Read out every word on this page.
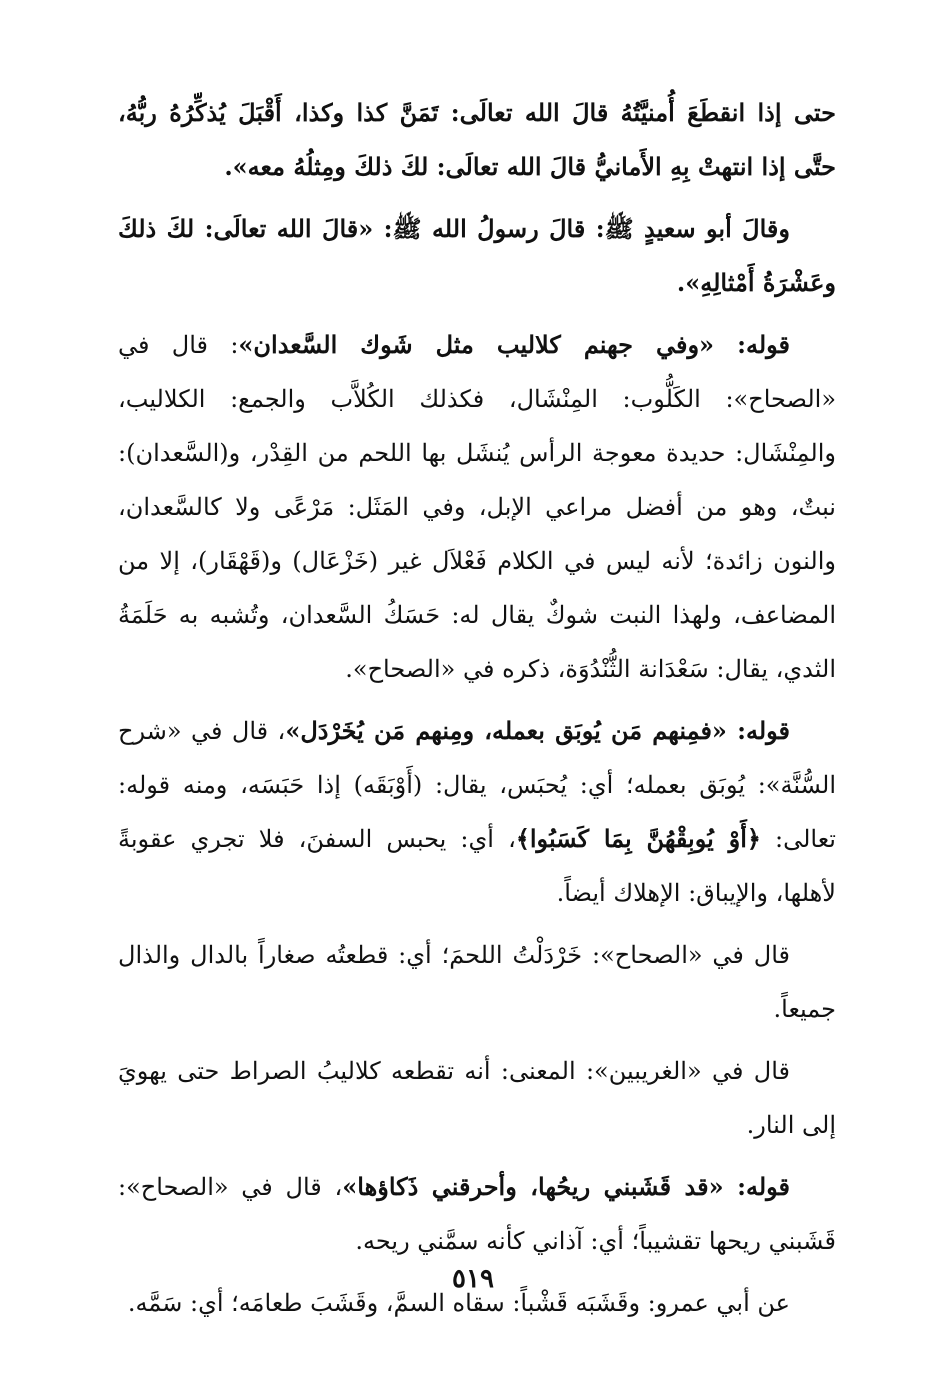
حتى إذا انقطَعَ أُمنيَّتُهُ قالَ الله تعالَى: تَمَنَّ كذا وكذا، أَقْبَلَ يُذكِّرُهُ ربُّهُ، حتَّى إذا انتهتْ بِهِ الأَمانيُّ قالَ الله تعالَى: لكَ ذلكَ ومِثلُهُ معه».

وقالَ أبو سعيدٍ ﷺ: قالَ رسولُ الله ﷺ: «قالَ الله تعالَى: لكَ ذلكَ وعَشْرَةُ أَمْثالِهِ».

قوله: «وفي جهنم كلاليب مثل شَوك السَّعدان»: قال في «الصحاح»: الكَلُّوب: المِنْشَال، فكذلك الكُلاَّب والجمع: الكلاليب، والمِنْشَال: حديدة معوجة الرأس يُنشَل بها اللحم من القِدْر، و(السَّعدان): نبتٌ، وهو من أفضل مراعي الإبل، وفي المَثَل: مَرْعًى ولا كالسَّعدان، والنون زائدة؛ لأنه ليس في الكلام فَعْلاَل غير (خَزْعَال) و(قَهْقَار)، إلا من المضاعف، ولهذا النبت شوكٌ يقال له: حَسَكُ السَّعدان، وتُشبه به حَلَمَةُ الثدي، يقال: سَعْدَانة الثُّنْدُوَة، ذكره في «الصحاح».

قوله: «فمِنهم مَن يُوبَق بعمله، ومِنهم مَن يُخَرْدَل»، قال في «شرح السُّنَّة»: يُوبَق بعمله؛ أي: يُحبَس، يقال: (أَوْبَقَه) إذا حَبَسَه، ومنه قوله: تعالى: ﴿أَوْ يُوبِقْهُنَّ بِمَا كَسَبُوا﴾، أي: يحبس السفنَ، فلا تجري عقوبةً لأهلها، والإيباق: الإهلاك أيضاً.

قال في «الصحاح»: خَرْدَلْتُ اللحمَ؛ أي: قطعتُه صغاراً بالدال والذال جميعاً.

قال في «الغريبين»: المعنى: أنه تقطعه كلاليبُ الصراط حتى يهويَ إلى النار.

قوله: «قد قَشَبني ريحُها، وأحرقني ذَكاؤها»، قال في «الصحاح»: قَشَبني ريحها تقشيباً؛ أي: آذاني كأنه سمَّني ريحه.

عن أبي عمرو: وقَشَبَه قَشْباً: سقاه السمَّ، وقَشَبَ طعامَه؛ أي: سَمَّه.

٥١٩
